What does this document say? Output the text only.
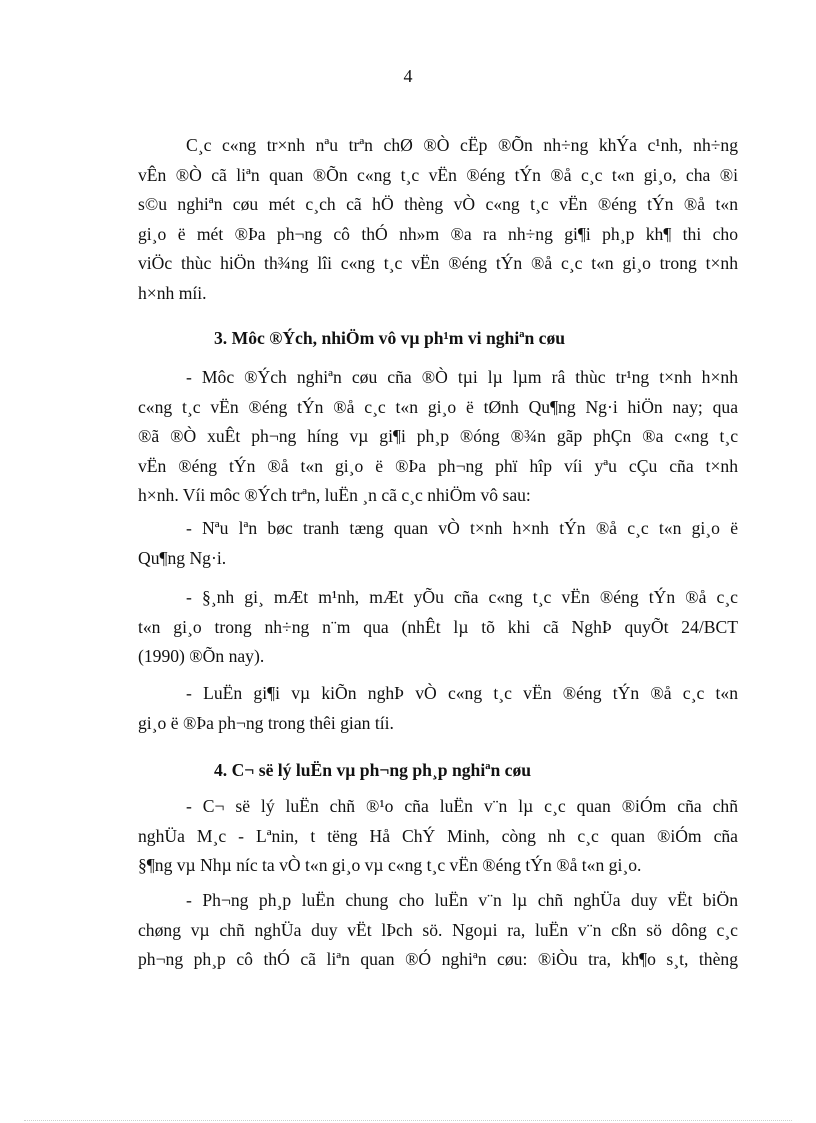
4
C¸c c«ng tr×nh nªu trªn chØ ®Ò cËp ®Õn nh÷ng khÝa c¹nh, nh÷ng
vÊn ®Ò cã liªn quan ®Õn c«ng t¸c vËn ®éng tÝn ®å c¸c t«n gi¸o, cha ®i
s©u nghiªn cøu mét c¸ch cã hÖ thèng vÒ c«ng t¸c vËn ®éng tÝn ®å t«n
gi¸o ë mét ®Þa ph¬ng cô thÓ nh»m ®a ra nh÷ng gi¶i ph¸p kh¶ thi cho
viÖc thùc hiÖn th¾ng lîi c«ng t¸c vËn ®éng tÝn ®å c¸c t«n gi¸o trong t×nh
h×nh míi.
3. Môc ®Ých, nhiÖm vô vµ ph¹m vi nghiªn cøu
- Môc ®Ých nghiªn cøu cña ®Ò tµi lµ lµm râ thùc tr¹ng t×nh h×nh
c«ng t¸c vËn ®éng tÝn ®å c¸c t«n gi¸o ë tØnh Qu¶ng Ng·i hiÖn nay; qua
®ã ®Ò xuÊt ph¬ng híng vµ gi¶i ph¸p ®óng ®¾n gãp phÇn ®a c«ng t¸c
vËn ®éng tÝn ®å t«n gi¸o ë ®Þa ph¬ng phï hîp víi yªu cÇu cña t×nh
h×nh. Víi môc ®Ých trªn, luËn ¸n cã c¸c nhiÖm vô sau:
- Nªu lªn bøc tranh tæng quan vÒ t×nh h×nh tÝn ®å c¸c t«n gi¸o ë
Qu¶ng Ng·i.
- §¸nh gi¸ mÆt m¹nh, mÆt yÕu cña c«ng t¸c vËn ®éng tÝn ®å c¸c
t«n gi¸o trong nh÷ng n¨m qua (nhÊt lµ tõ khi cã NghÞ quyÕt 24/BCT
(1990) ®Õn nay).
- LuËn gi¶i vµ kiÕn nghÞ vÒ c«ng t¸c vËn ®éng tÝn ®å c¸c t«n
gi¸o ë ®Þa ph¬ng trong thêi gian tíi.
4. C¬ së lý luËn vµ ph¬ng ph¸p nghiªn cøu
- C¬ së lý luËn chñ ®¹o cña luËn v¨n lµ c¸c quan ®iÓm cña chñ
nghÜa M¸c - Lªnin, t tëng Hå ChÝ Minh, còng nh c¸c quan ®iÓm cña
§¶ng vµ Nhµ níc ta vÒ t«n gi¸o vµ c«ng t¸c vËn ®éng tÝn ®å t«n gi¸o.
- Ph¬ng ph¸p luËn chung cho luËn v¨n lµ chñ nghÜa duy vËt biÖn
chøng vµ chñ nghÜa duy vËt lÞch sö. Ngoµi ra, luËn v¨n cßn sö dông c¸c
ph¬ng ph¸p cô thÓ cã liªn quan ®Ó nghiªn cøu: ®iÒu tra, kh¶o s¸t, thèng
